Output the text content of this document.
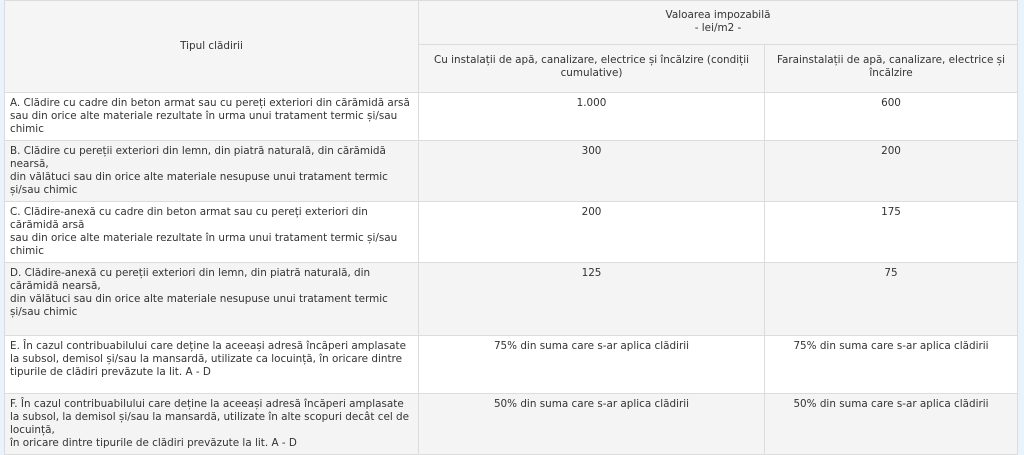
Tipul clădirii	Valoarea impozabilă
- lei/m2 -	

	Cu instalații de apă, canalizare, electrice și încălzire (condiții cumulative)	Farainstalații de apă, canalizare, electrice și încălzire

A. Clădire cu cadre din beton armat sau cu pereți exteriori din cărămidă arsă
sau din orice alte materiale rezultate în urma unui tratament termic și/sau chimic	1.000	600

B. Clădire cu pereții exteriori din lemn, din piatră naturală, din cărămidă nearsă,
din vălătuci sau din orice alte materiale nesupuse unui tratament termic și/sau chimic	300	200

C. Clădire-anexă cu cadre din beton armat sau cu pereți exteriori din cărămidă arsă
sau din orice alte materiale rezultate în urma unui tratament termic și/sau chimic	200	175

D. Clădire-anexă cu pereții exteriori din lemn, din piatră naturală, din cărămidă nearsă,
din vălătuci sau din orice alte materiale nesupuse unui tratament termic și/sau chimic	125	75

E. În cazul contribuabilului care deține la aceeași adresă încăperi amplasate la subsol, demisol și/sau la mansardă, utilizate ca locuință, în oricare dintre tipurile de clădiri prevăzute la lit. A - D	75% din suma care s-ar aplica clădirii	75% din suma care s-ar aplica clădirii

F. În cazul contribuabilului care deține la aceeași adresă încăperi amplasate la subsol, la demisol și/sau la mansardă, utilizate în alte scopuri decât cel de locuință,
în oricare dintre tipurile de clădiri prevăzute la lit. A - D	50% din suma care s-ar aplica clădirii	50% din suma care s-ar aplica clădirii
